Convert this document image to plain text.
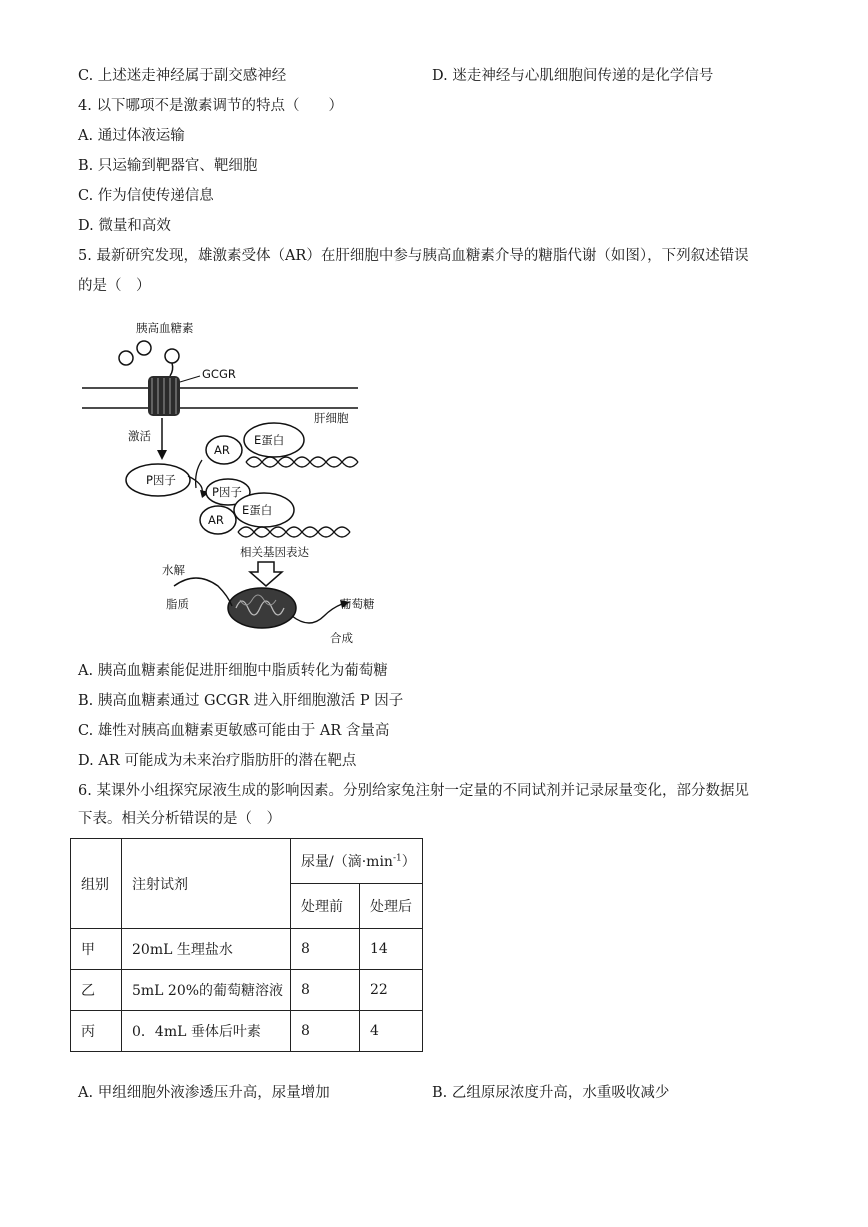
C. 上述迷走神经属于副交感神经	D. 迷走神经与心肌细胞间传递的是化学信号
4. 以下哪项不是激素调节的特点（　　）
A. 通过体液运输
B. 只运输到靶器官、靶细胞
C. 作为信使传递信息
D. 微量和高效
5. 最新研究发现，雄激素受体（AR）在肝细胞中参与胰高血糖素介导的糖脂代谢（如图），下列叙述错误
的是（　）
胰高血糖素
肝细胞
GCGR
激活
P因子
AR
E蛋白
P因子
AR
E蛋白
相关基因表达
水解
脂质	葡萄糖
合成
A. 胰高血糖素能促进肝细胞中脂质转化为葡萄糖
B. 胰高血糖素通过 GCGR 进入肝细胞激活 P 因子
C. 雄性对胰高血糖素更敏感可能由于 AR 含量高
D. AR 可能成为未来治疗脂肪肝的潜在靶点
6. 某课外小组探究尿液生成的影响因素。分别给家兔注射一定量的不同试剂并记录尿量变化，部分数据见
下表。相关分析错误的是（　）
组别	注射试剂	尿量/（滴$\cdot\min^{-1}$）	
		处理前	处理后
甲	20mL 生理盐水	8	14
乙	5mL 20%的葡萄糖溶液	8	22
丙	0．4mL 垂体后叶素	8	4
A. 甲组细胞外液渗透压升高，尿量增加	B. 乙组原尿浓度升高，水重吸收减少
